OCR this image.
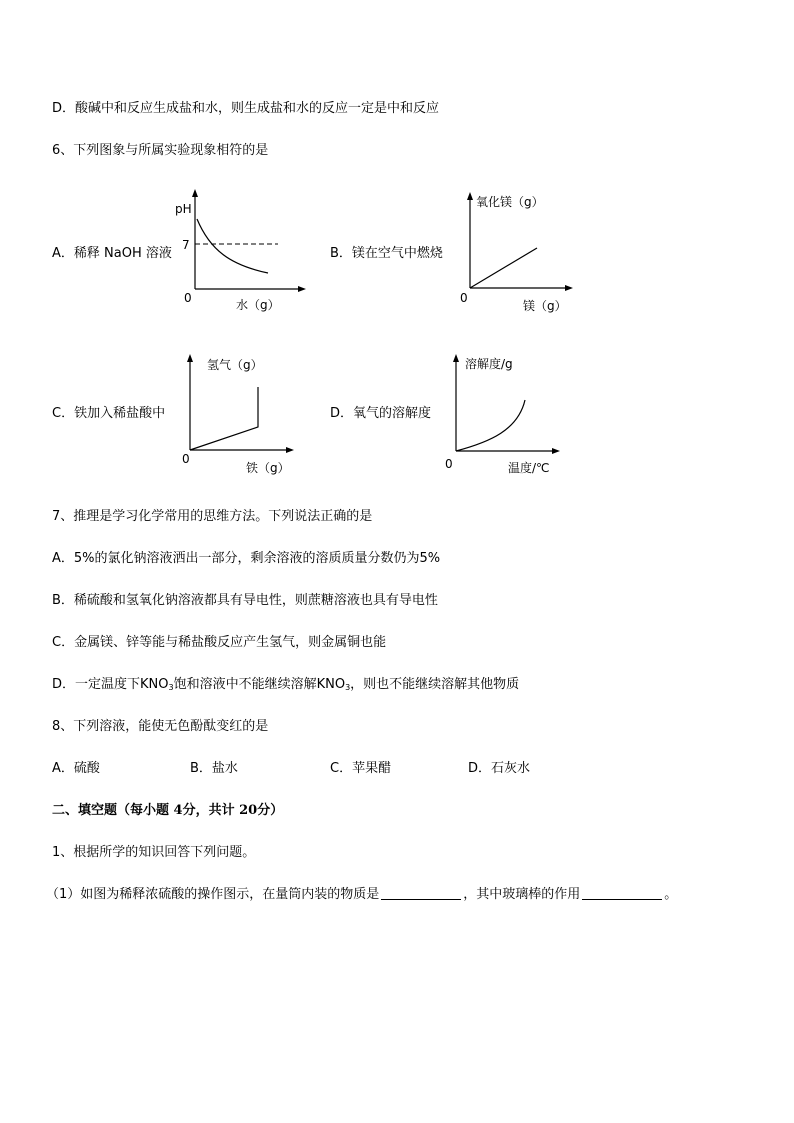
D．酸碱中和反应生成盐和水，则生成盐和水的反应一定是中和反应
6、下列图象与所属实验现象相符的是
A．稀释 NaOH 溶液	B．镁在空气中燃烧
C．铁加入稀盐酸中	D．氧气的溶解度
pH
7
0	水（g）
氧化镁（g）
0
镁（g）
氢气（g）
0
铁（g）
溶解度/g
0	温度/℃
7、推理是学习化学常用的思维方法。下列说法正确的是
A．5%的氯化钠溶液洒出一部分，剩余溶液的溶质质量分数仍为5%
B．稀硫酸和氢氧化钠溶液都具有导电性，则蔗糖溶液也具有导电性
C．金属镁、锌等能与稀盐酸反应产生氢气，则金属铜也能
D．一定温度下$KNO_3$饱和溶液中不能继续溶解$KNO_3$，则也不能继续溶解其他物质
8、下列溶液，能使无色酚酞变红的是
A．硫酸	B．盐水	C．苹果醋	D．石灰水
二、填空题（每小题 4分，共计 20分）
1、根据所学的知识回答下列问题。
（1）如图为稀释浓硫酸的操作图示，在量筒内装的物质是	，其中玻璃棒的作用	。
